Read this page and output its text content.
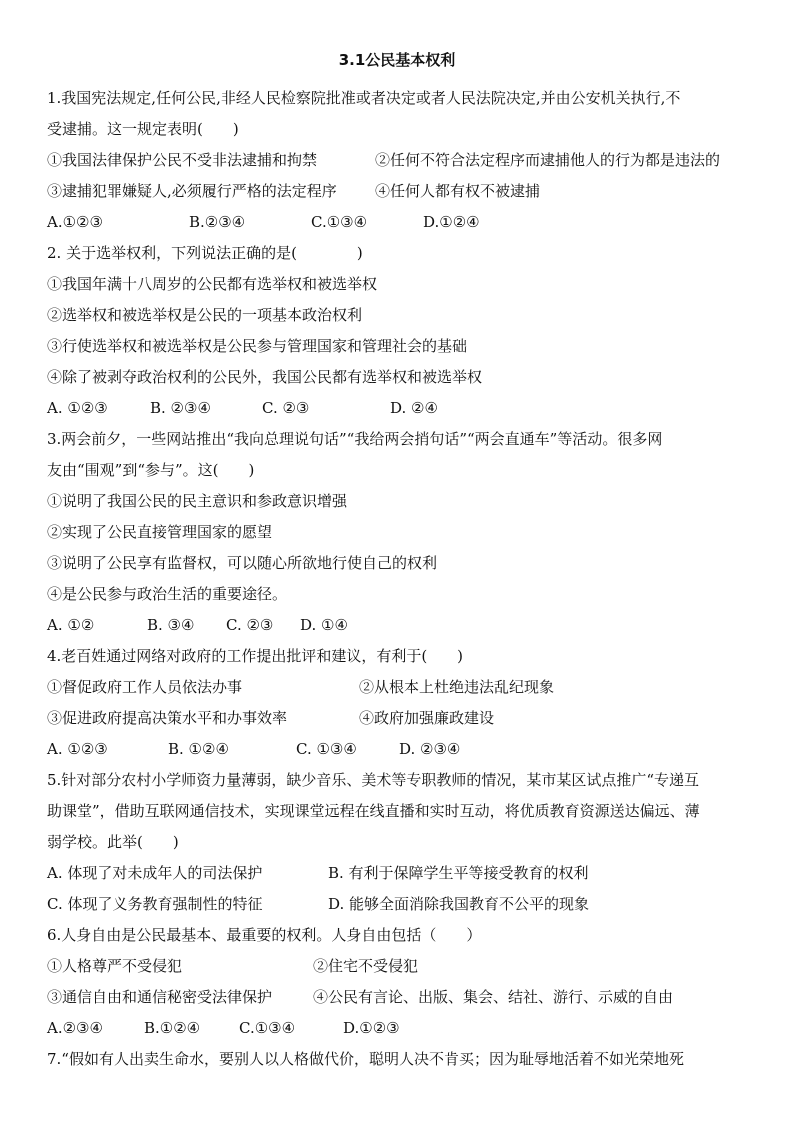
3.1公民基本权利
1.我国宪法规定,任何公民,非经人民检察院批准或者决定或者人民法院决定,并由公安机关执行,不
受逮捕。这一规定表明(　　)
①我国法律保护公民不受非法逮捕和拘禁	②任何不符合法定程序而逮捕他人的行为都是违法的
③逮捕犯罪嫌疑人,必须履行严格的法定程序	④任何人都有权不被逮捕
A.①②③	B.②③④	C.①③④	D.①②④
2. 关于选举权利，下列说法正确的是(　　　　)
①我国年满十八周岁的公民都有选举权和被选举权
②选举权和被选举权是公民的一项基本政治权利
③行使选举权和被选举权是公民参与管理国家和管理社会的基础
④除了被剥夺政治权利的公民外，我国公民都有选举权和被选举权
A. ①②③	B. ②③④	C. ②③	D. ②④
3.两会前夕，一些网站推出“我向总理说句话”“我给两会捎句话”“两会直通车”等活动。很多网
友由“围观”到“参与”。这(　　)
①说明了我国公民的民主意识和参政意识增强
②实现了公民直接管理国家的愿望
③说明了公民享有监督权，可以随心所欲地行使自己的权利
④是公民参与政治生活的重要途径。
A. ①②	B. ③④ C. ②③ D. ①④
4.老百姓通过网络对政府的工作提出批评和建议，有利于(　　)
①督促政府工作人员依法办事	②从根本上杜绝违法乱纪现象
③促进政府提高决策水平和办事效率	④政府加强廉政建设
A. ①②③	B. ①②④	C. ①③④	D. ②③④
5.针对部分农村小学师资力量薄弱，缺少音乐、美术等专职教师的情况，某市某区试点推广“专递互
助课堂”，借助互联网通信技术，实现课堂远程在线直播和实时互动，将优质教育资源送达偏远、薄
弱学校。此举(　　)
A. 体现了对未成年人的司法保护	B. 有利于保障学生平等接受教育的权利
C. 体现了义务教育强制性的特征	D. 能够全面消除我国教育不公平的现象
6.人身自由是公民最基本、最重要的权利。人身自由包括（　　）
①人格尊严不受侵犯	②住宅不受侵犯
③通信自由和通信秘密受法律保护	④公民有言论、出版、集会、结社、游行、示威的自由
A.②③④	B.①②④	C.①③④	D.①②③
7.“假如有人出卖生命水，要别人以人格做代价，聪明人决不肯买；因为耻辱地活着不如光荣地死
